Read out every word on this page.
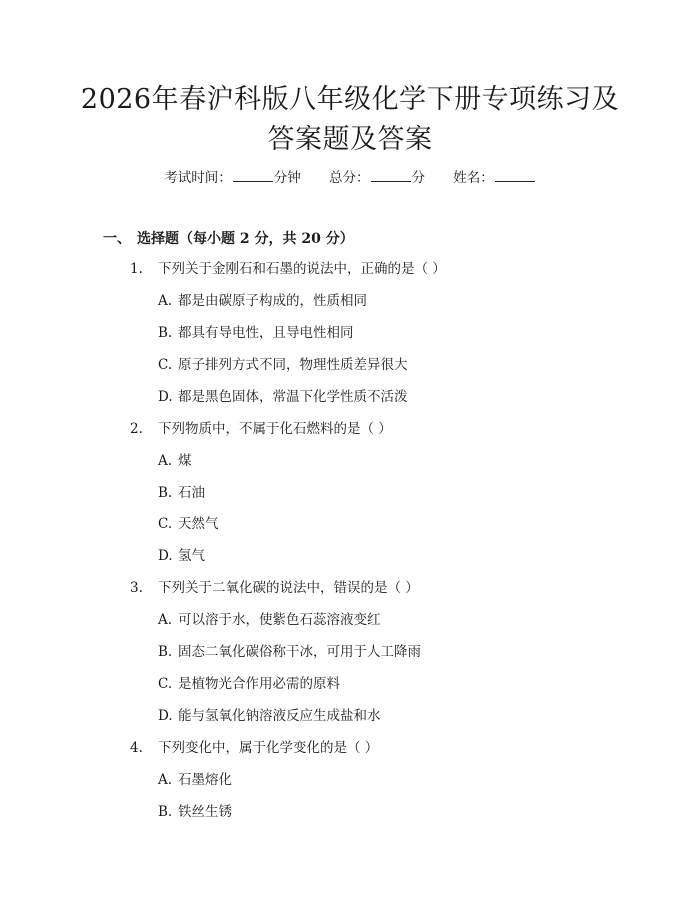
2026年春沪科版八年级化学下册专项练习及
答案题及答案
考试时间：	分钟 总分：	分 姓名：
一、 选择题（每小题 2 分，共 20 分）
1. 下列关于金刚石和石墨的说法中，正确的是（ ）
A. 都是由碳原子构成的，性质相同
B. 都具有导电性，且导电性相同
C. 原子排列方式不同，物理性质差异很大
D. 都是黑色固体，常温下化学性质不活泼
2. 下列物质中，不属于化石燃料的是（ ）
A. 煤
B. 石油
C. 天然气
D. 氢气
3. 下列关于二氧化碳的说法中，错误的是（ ）
A. 可以溶于水，使紫色石蕊溶液变红
B. 固态二氧化碳俗称干冰，可用于人工降雨
C. 是植物光合作用必需的原料
D. 能与氢氧化钠溶液反应生成盐和水
4. 下列变化中，属于化学变化的是（ ）
A. 石墨熔化
B. 铁丝生锈
